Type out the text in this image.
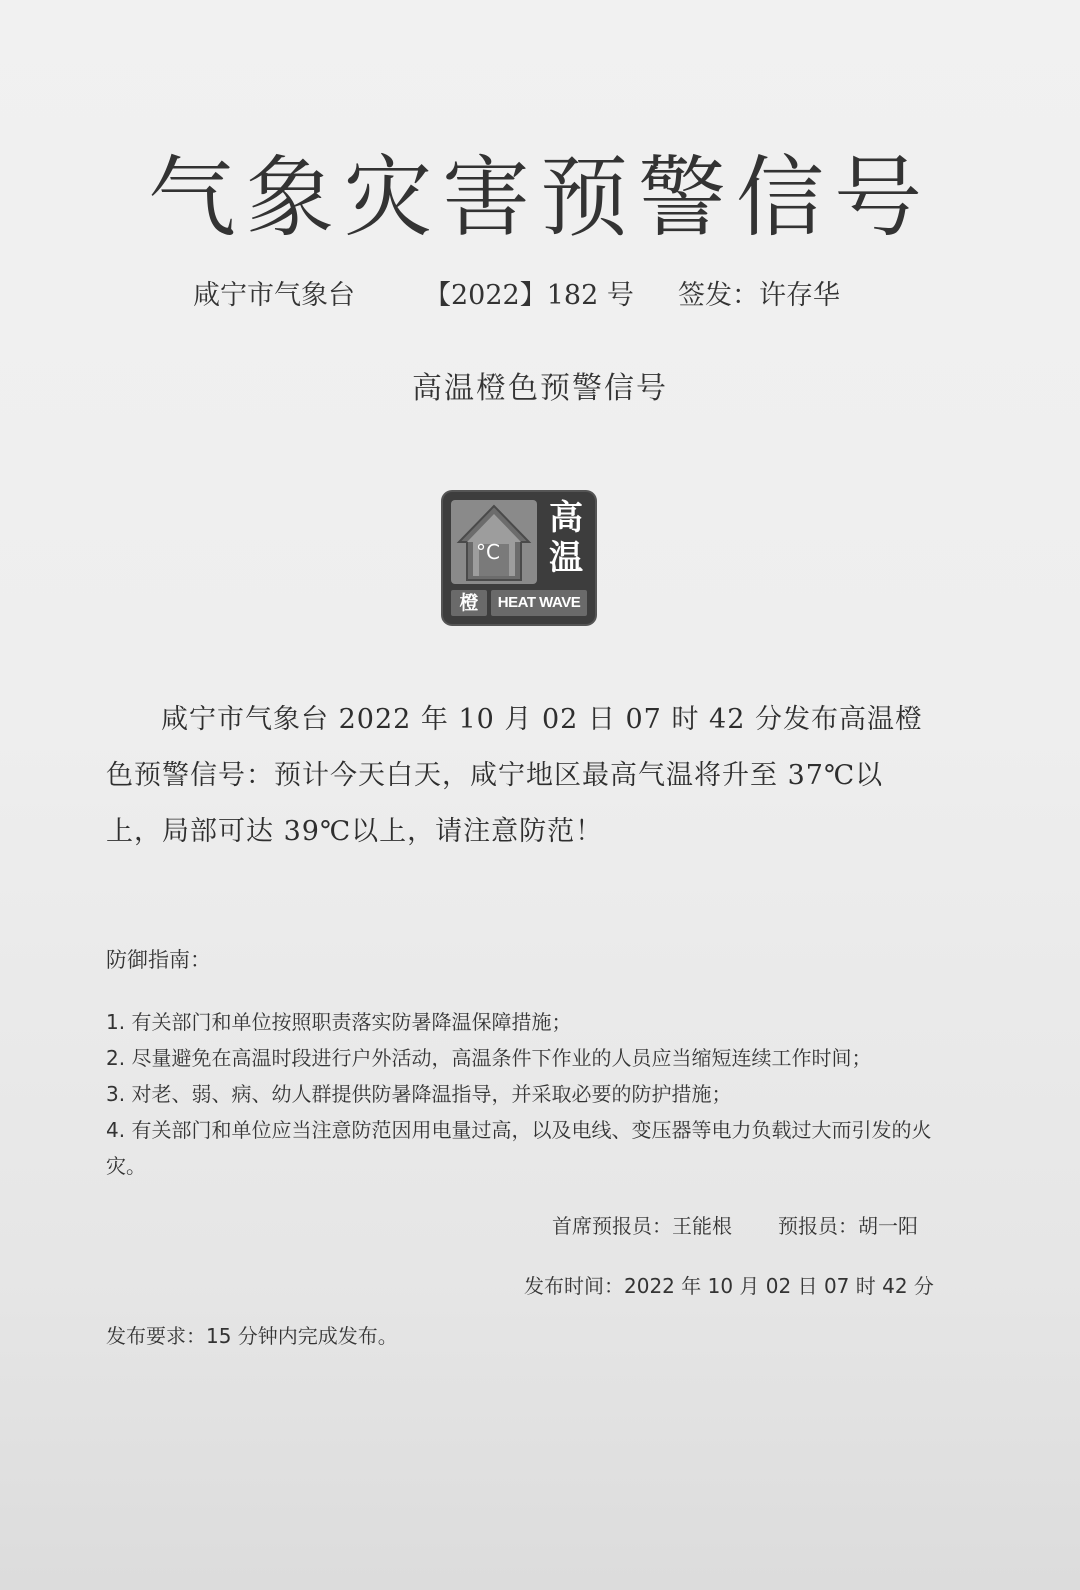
气象灾害预警信号
咸宁市气象台	【2022】182 号 签发：许存华
高温橙色预警信号
°C
高温
橙	HEAT WAVE
咸宁市气象台 2022 年 10 月 02 日 07 时 42 分发布高温橙色预警信号：预计今天白天，咸宁地区最高气温将升至 37℃以上，局部可达 39℃以上，请注意防范！
防御指南：
1. 有关部门和单位按照职责落实防暑降温保障措施；
2. 尽量避免在高温时段进行户外活动，高温条件下作业的人员应当缩短连续工作时间；
3. 对老、弱、病、幼人群提供防暑降温指导，并采取必要的防护措施；
4. 有关部门和单位应当注意防范因用电量过高，以及电线、变压器等电力负载过大而引发的火灾。
首席预报员：王能根 预报员：胡一阳
发布时间：2022 年 10 月 02 日 07 时 42 分
发布要求：15 分钟内完成发布。
